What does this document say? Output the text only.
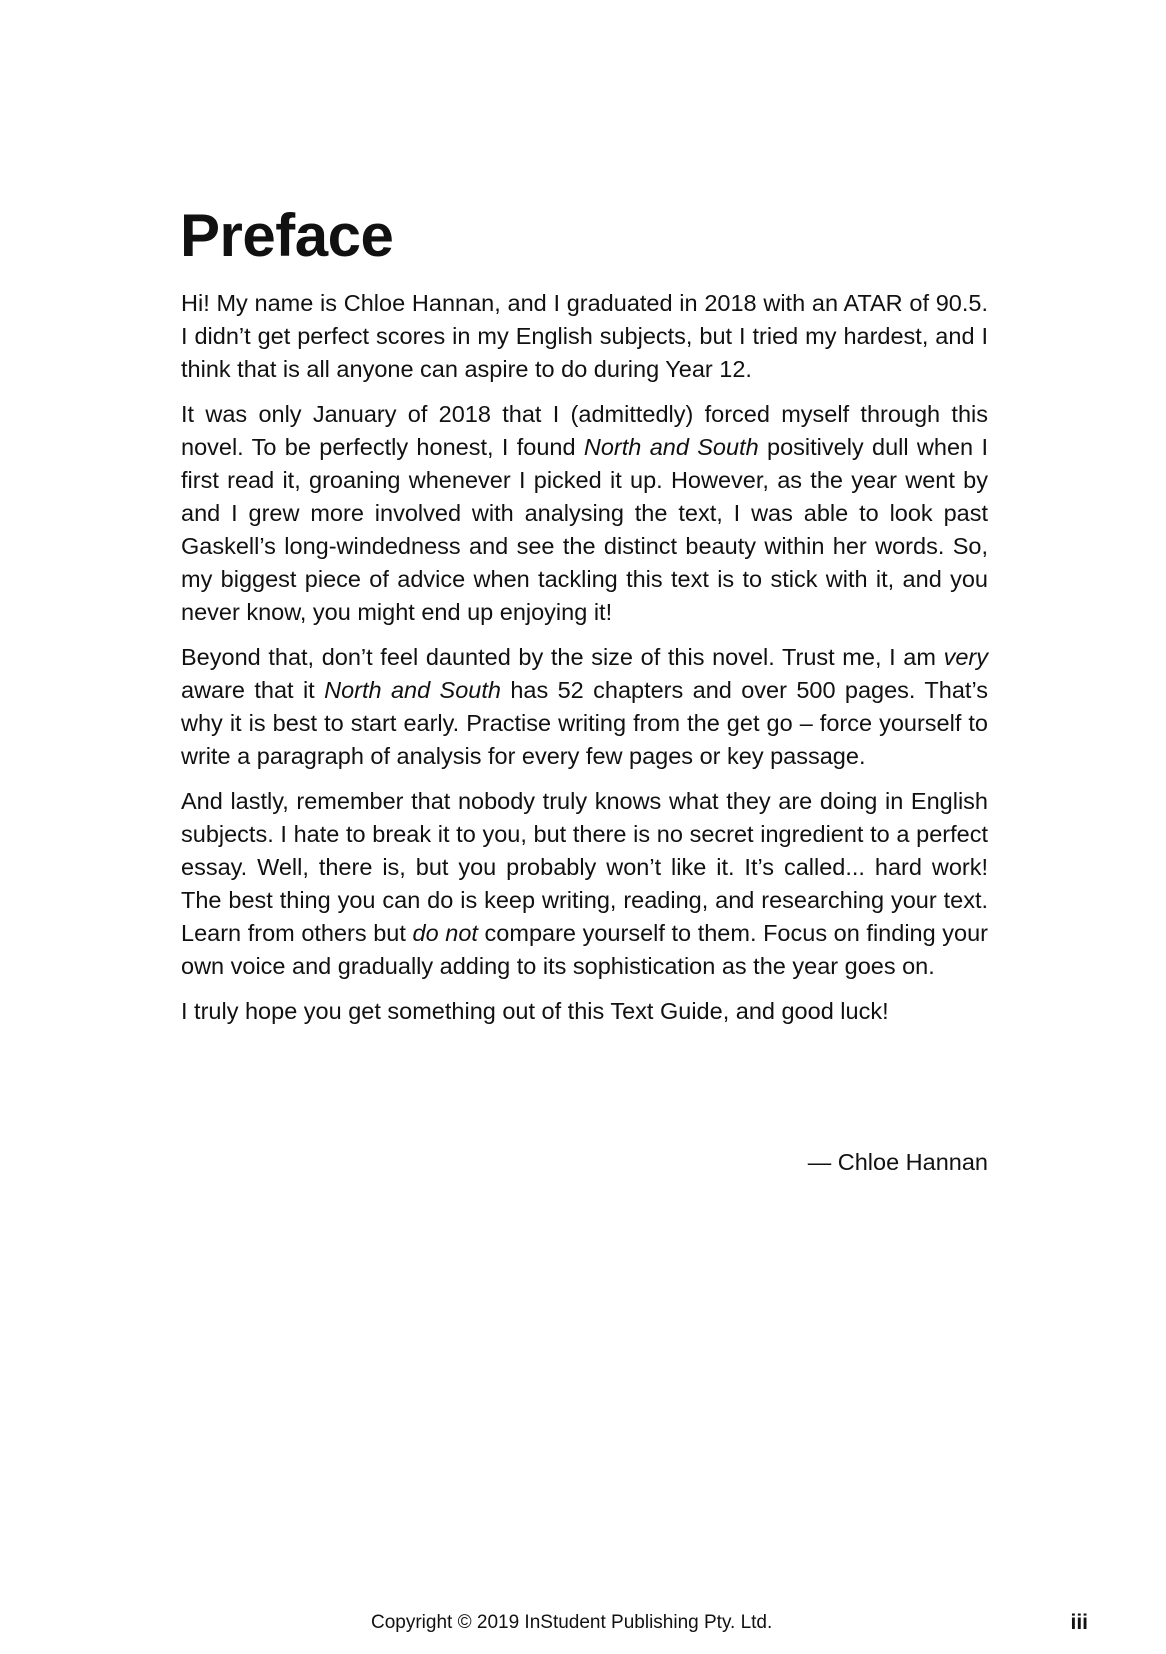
Preface

Hi! My name is Chloe Hannan, and I graduated in 2018 with an ATAR of 90.5. I didn’t get perfect scores in my English subjects, but I tried my hardest, and I think that is all anyone can aspire to do during Year 12.

It was only January of 2018 that I (admittedly) forced myself through this novel. To be perfectly honest, I found North and South positively dull when I first read it, groaning whenever I picked it up. However, as the year went by and I grew more involved with analysing the text, I was able to look past Gaskell’s long-windedness and see the distinct beauty within her words. So, my biggest piece of advice when tackling this text is to stick with it, and you never know, you might end up enjoying it!

Beyond that, don’t feel daunted by the size of this novel. Trust me, I am very aware that it North and South has 52 chapters and over 500 pages. That’s why it is best to start early. Practise writing from the get go – force yourself to write a paragraph of analysis for every few pages or key passage.

And lastly, remember that nobody truly knows what they are doing in English subjects. I hate to break it to you, but there is no secret ingredient to a perfect essay. Well, there is, but you probably won’t like it. It’s called... hard work! The best thing you can do is keep writing, reading, and researching your text. Learn from others but do not compare yourself to them. Focus on finding your own voice and gradually adding to its sophistication as the year goes on.

I truly hope you get something out of this Text Guide, and good luck!

— Chloe Hannan
Copyright © 2019 InStudent Publishing Pty. Ltd.	iii
